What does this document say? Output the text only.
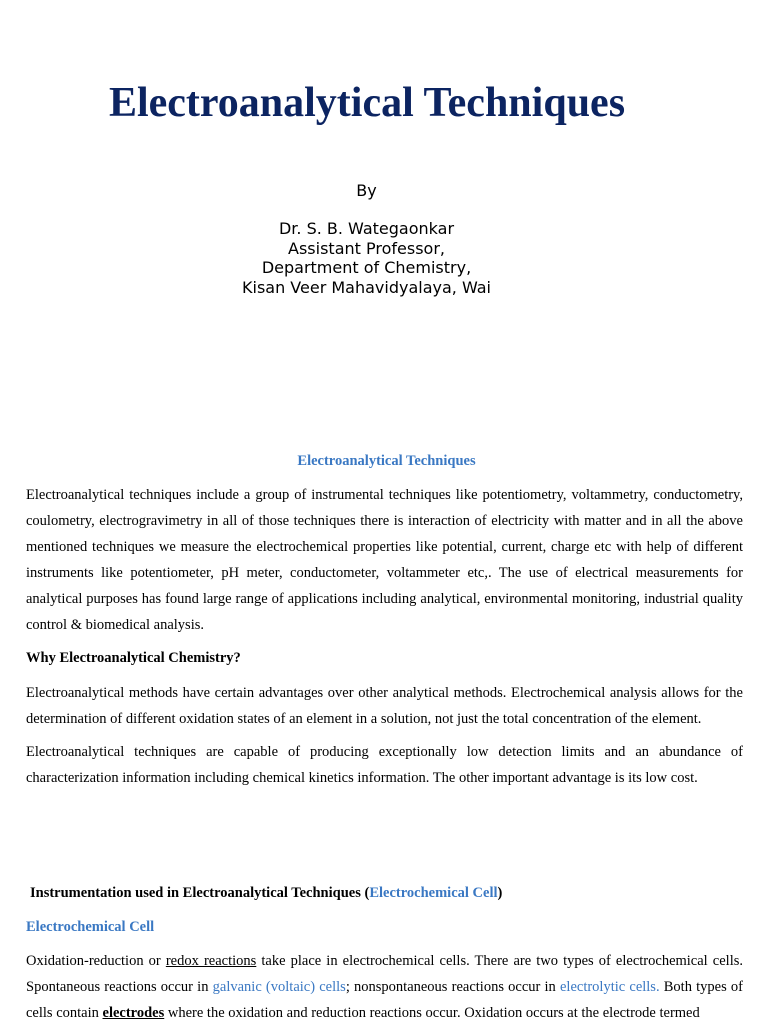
Electroanalytical Techniques
By
Dr. S. B. Wategaonkar
Assistant Professor,
Department of Chemistry,
Kisan Veer Mahavidyalaya, Wai
Electroanalytical Techniques

Electroanalytical techniques include a group of instrumental techniques like potentiometry, voltammetry, conductometry, coulometry, electrogravimetry in all of those techniques there is interaction of electricity with matter and in all the above mentioned techniques we measure the electrochemical properties like potential, current, charge etc with help of different instruments like potentiometer, pH meter, conductometer, voltammeter etc,. The use of electrical measurements for analytical purposes has found large range of applications including analytical, environmental monitoring, industrial quality control & biomedical analysis.

Why Electroanalytical Chemistry?

Electroanalytical methods have certain advantages over other analytical methods. Electrochemical analysis allows for the determination of different oxidation states of an element in a solution, not just the total concentration of the element.

Electroanalytical techniques are capable of producing exceptionally low detection limits and an abundance of characterization information including chemical kinetics information. The other important advantage is its low cost.

Instrumentation used in Electroanalytical Techniques (Electrochemical Cell)
Electrochemical Cell

Oxidation-reduction or redox reactions take place in electrochemical cells. There are two types of electrochemical cells. Spontaneous reactions occur in galvanic (voltaic) cells; nonspontaneous reactions occur in electrolytic cells. Both types of cells contain electrodes where the oxidation and reduction reactions occur. Oxidation occurs at the electrode termed
